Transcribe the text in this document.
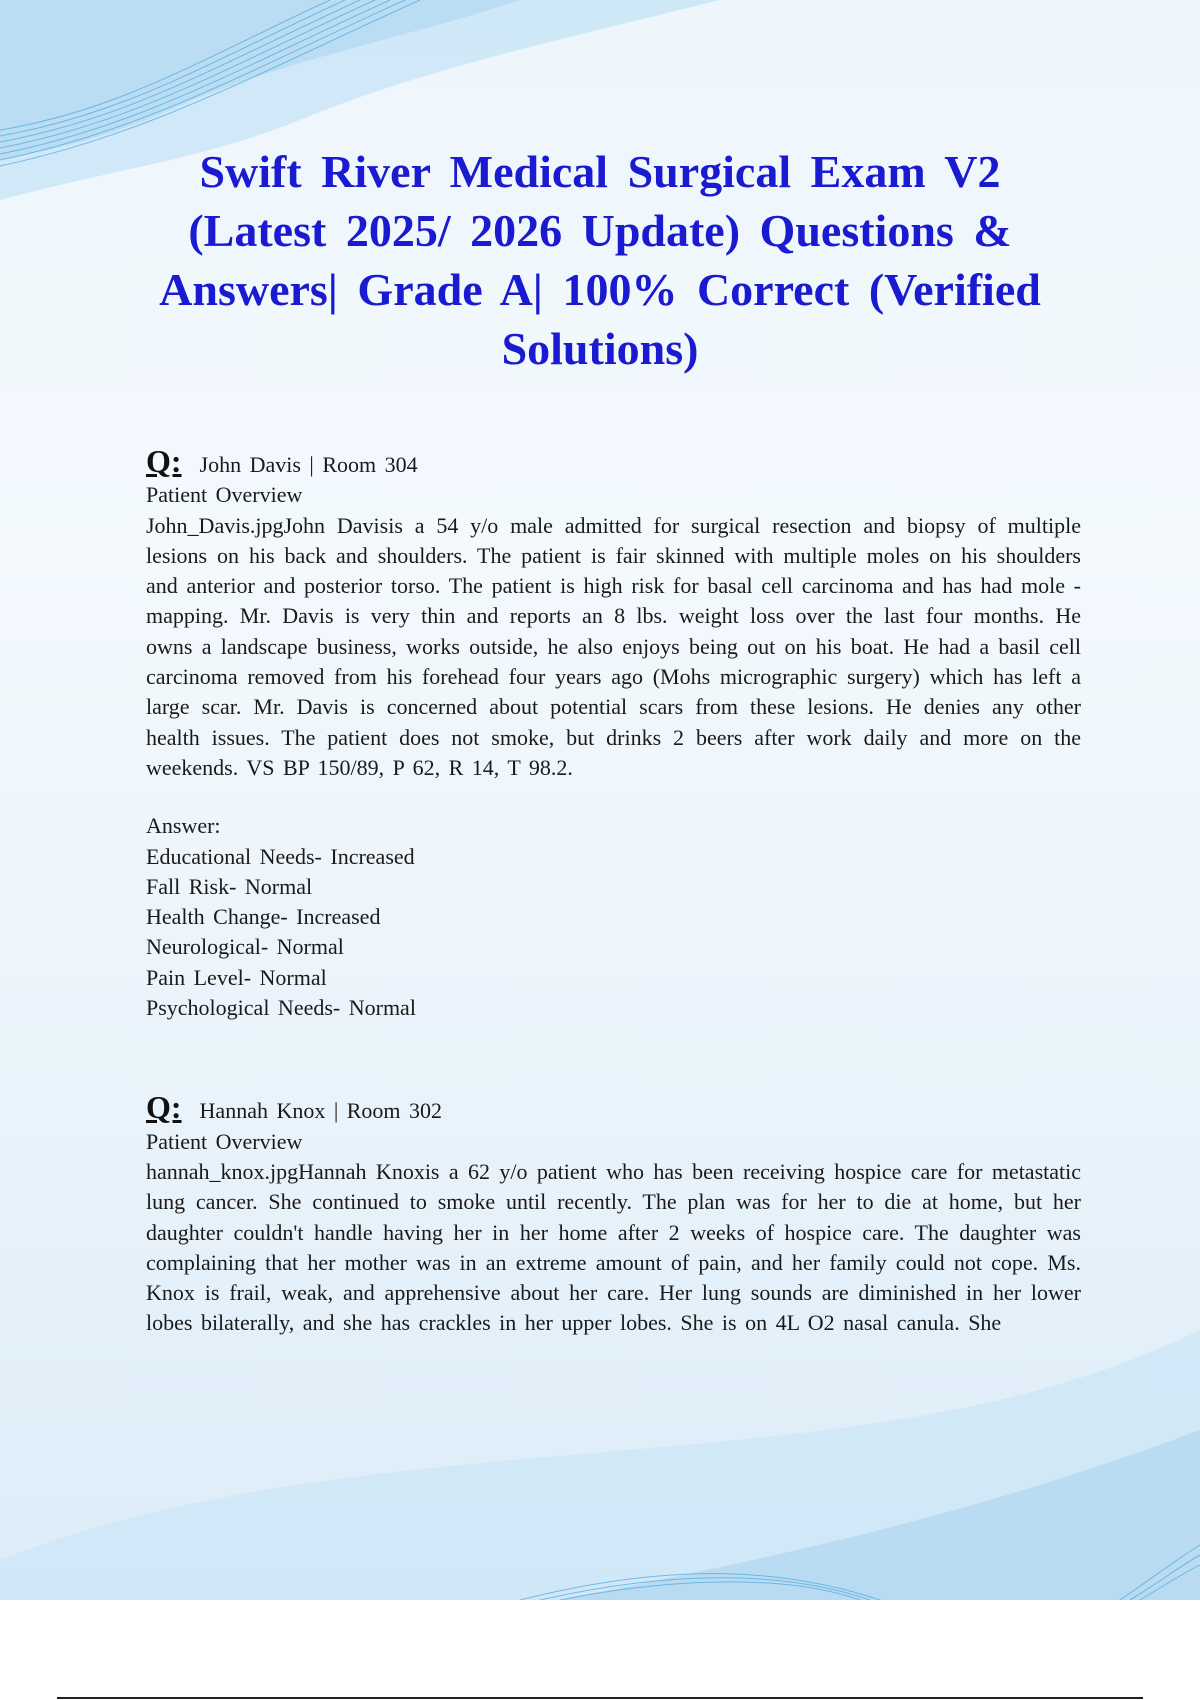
Swift River Medical Surgical Exam V2 (Latest 2025/ 2026 Update) Questions & Answers| Grade A| 100% Correct (Verified Solutions)
Q: John Davis | Room 304
Patient Overview

John_Davis.jpgJohn Davisis a 54 y/o male admitted for surgical resection and biopsy of multiple lesions on his back and shoulders. The patient is fair skinned with multiple moles on his shoulders and anterior and posterior torso. The patient is high risk for basal cell carcinoma and has had mole - mapping. Mr. Davis is very thin and reports an 8 lbs. weight loss over the last four months. He owns a landscape business, works outside, he also enjoys being out on his boat. He had a basil cell carcinoma removed from his forehead four years ago (Mohs micrographic surgery) which has left a large scar. Mr. Davis is concerned about potential scars from these lesions. He denies any other health issues. The patient does not smoke, but drinks 2 beers after work daily and more on the weekends. VS BP 150/89, P 62, R 14, T 98.2.

Answer:
Educational Needs- Increased
Fall Risk- Normal
Health Change- Increased
Neurological- Normal
Pain Level- Normal
Psychological Needs- Normal
Q: Hannah Knox | Room 302
Patient Overview

hannah_knox.jpgHannah Knoxis a 62 y/o patient who has been receiving hospice care for metastatic lung cancer. She continued to smoke until recently. The plan was for her to die at home, but her daughter couldn't handle having her in her home after 2 weeks of hospice care. The daughter was complaining that her mother was in an extreme amount of pain, and her family could not cope. Ms. Knox is frail, weak, and apprehensive about her care. Her lung sounds are diminished in her lower lobes bilaterally, and she has crackles in her upper lobes. She is on 4L O2 nasal canula. She
